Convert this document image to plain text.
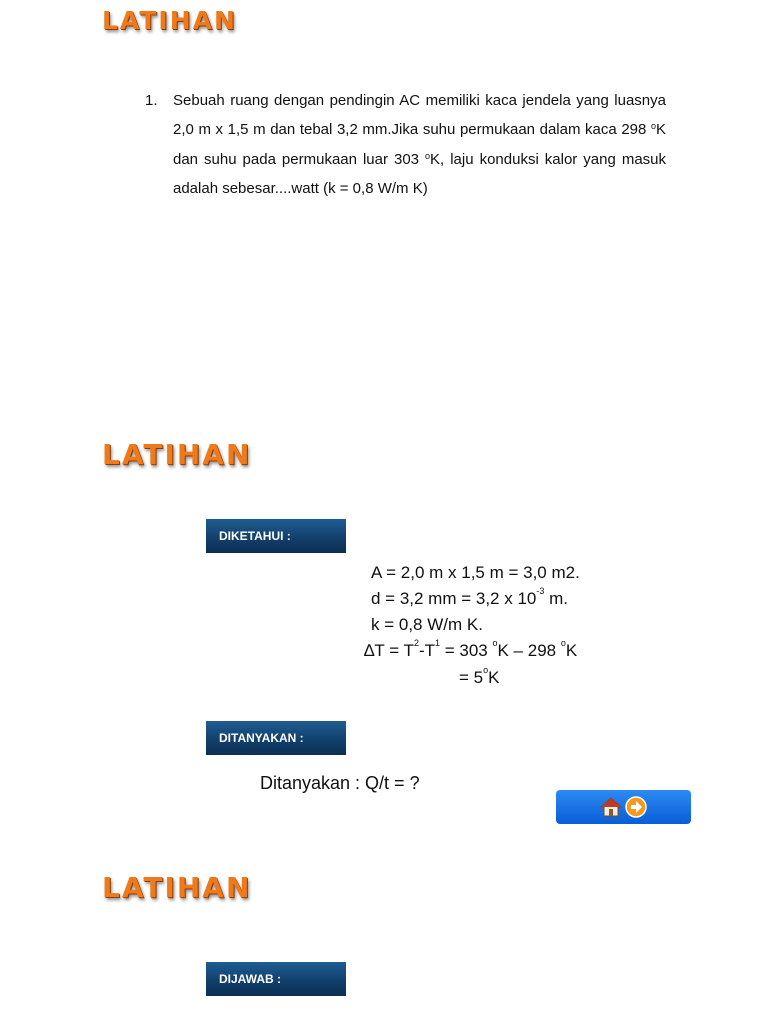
LATIHAN
1.	Sebuah ruang dengan pendingin AC memiliki kaca jendela yang luasnya 2,0 m x 1,5 m dan tebal 3,2 mm.Jika suhu permukaan dalam kaca 298 $^o$K dan suhu pada permukaan luar 303 $^o$K, laju konduksi kalor yang masuk adalah sebesar....watt (k = 0,8 W/m K)
LATIHAN
DIKETAHUI :
A = 2,0 m x 1,5 m = 3,0 m2.
d = 3,2 mm = 3,2 x $10^{-3}$ m.
k = 0,8 W/m K.
$\Delta T = T^2-T^1 = 303$ $^o$K – 298 $^o$K
= $5^oK$
DITANYAKAN :
Ditanyakan : Q/t = ?
LATIHAN
DIJAWAB :
